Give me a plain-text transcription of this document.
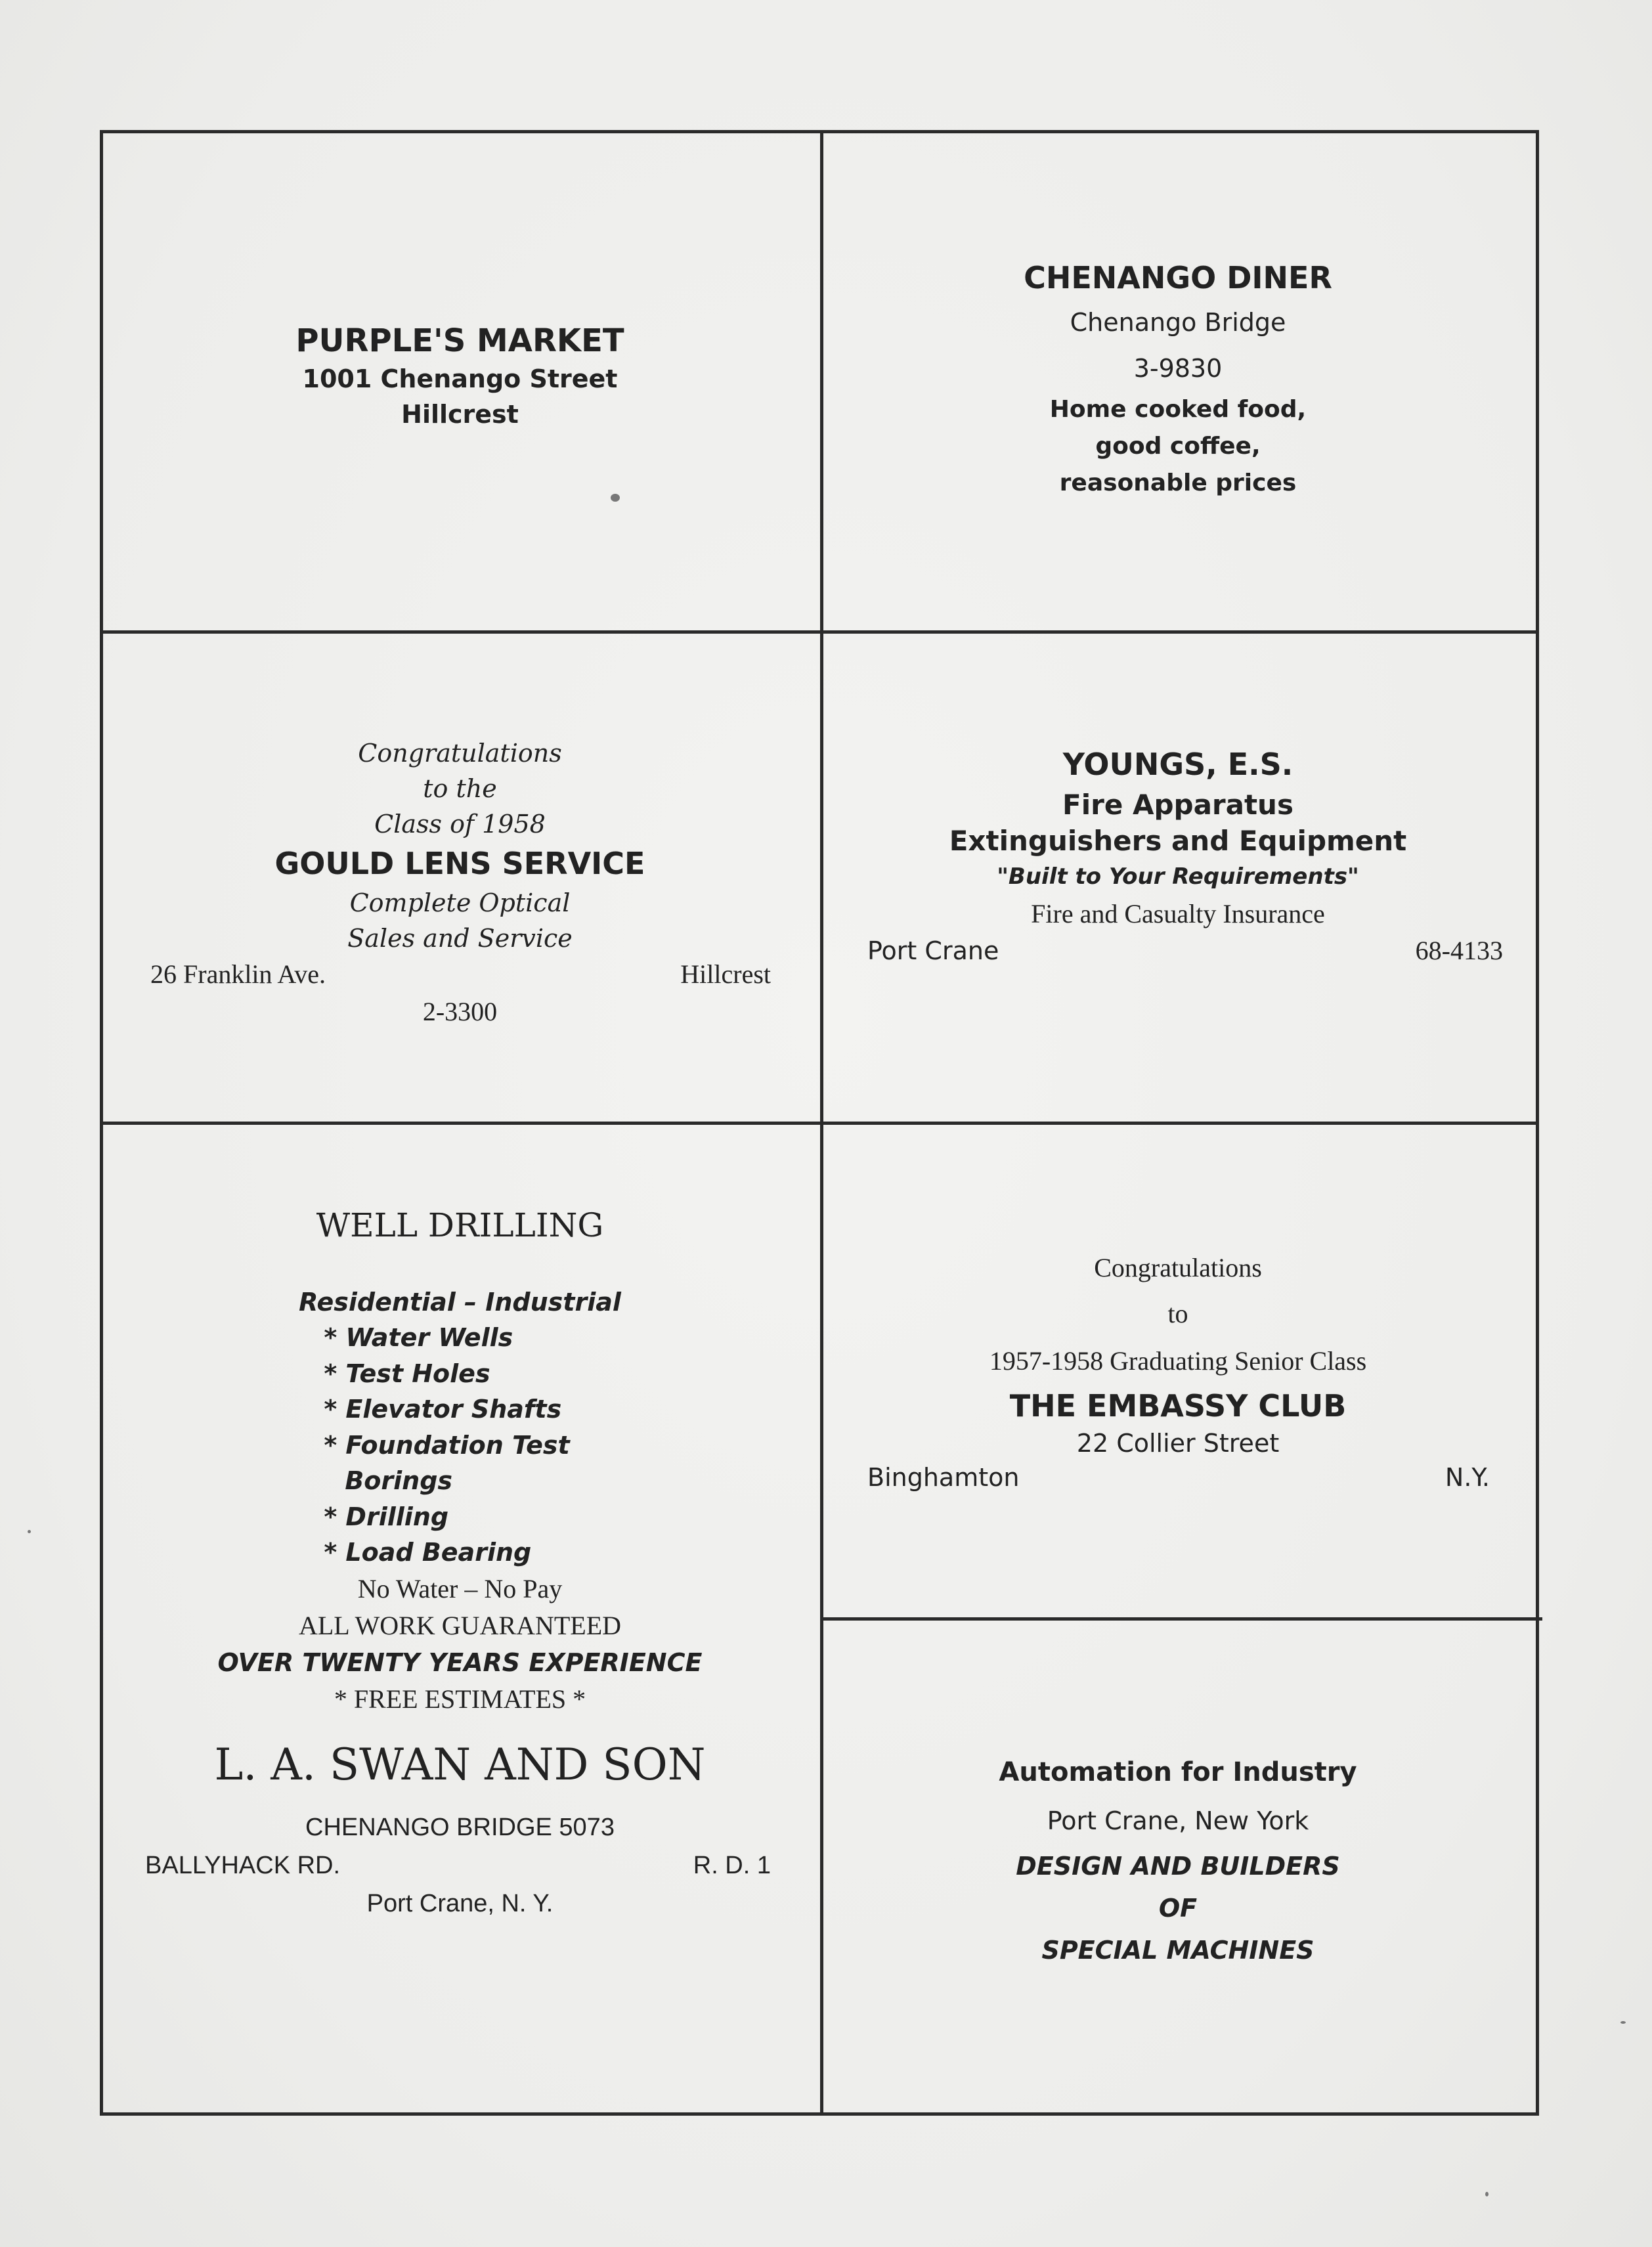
PURPLE'S MARKET
1001 Chenango Street
Hillcrest
CHENANGO DINER
Chenango Bridge
3-9830
Home cooked food,
good coffee,
reasonable prices
Congratulations
to the
Class of 1958
GOULD LENS SERVICE
Complete Optical
Sales and Service
26 Franklin Ave.	Hillcrest
2-3300
YOUNGS, E.S.
Fire Apparatus
Extinguishers and Equipment
"Built to Your Requirements"
Fire and Casualty Insurance
Port Crane	68-4133
WELL DRILLING
Residential – Industrial
* Water Wells
* Test Holes
* Elevator Shafts
* Foundation Test
Borings
* Drilling
* Load Bearing
No Water – No Pay
ALL WORK GUARANTEED
OVER TWENTY YEARS EXPERIENCE
* FREE ESTIMATES *
L. A. SWAN AND SON
CHENANGO BRIDGE 5073
BALLYHACK RD.	R. D. 1
Port Crane, N. Y.
Congratulations
to
1957-1958 Graduating Senior Class
THE EMBASSY CLUB
22 Collier Street
Binghamton	N.Y.
Automation for Industry
Port Crane, New York
DESIGN AND BUILDERS
OF
SPECIAL MACHINES
